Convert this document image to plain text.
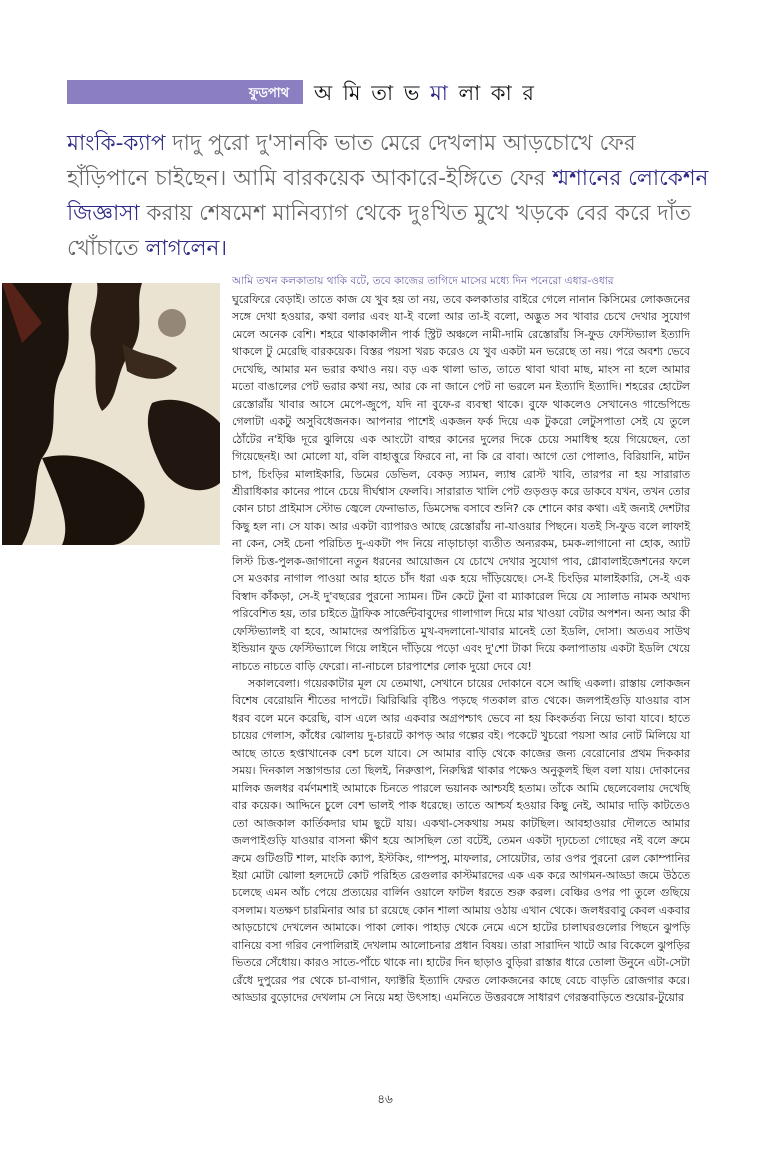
ফুডপাথ অ মি তা ভ মা লা কা র
মাংকি-ক্যাপ দাদু পুরো দু'সানকি ভাত মেরে দেখলাম আড়চোখে ফের হাঁড়িপানে চাইছেন। আমি বারকয়েক আকারে-ইঙ্গিতে ফের শ্মশানের লোকেশন জিজ্ঞাসা করায় শেষমেশ মানিব্যাগ থেকে দুঃখিত মুখে খড়কে বের করে দাঁত খোঁচাতে লাগলেন।
আমি তখন কলকাতায় থাকি বটে, তবে কাজের তাগিদে মাসের মধ্যে দিন পনেরো এধার-ওধার

ঘুরেফিরে বেড়াই। তাতে কাজ যে খুব হয় তা নয়, তবে কলকাতার বাইরে গেলে নানান কিসিমের লোকজনের সঙ্গে দেখা হওয়ার, কথা বলার এবং যা-ই বলো আর তা-ই বলো, অদ্ভুত সব খাবার চেখে দেখার সুযোগ মেলে অনেক বেশি। শহরে থাকাকালীন পার্ক স্ট্রিট অঞ্চলে নামী-দামি রেস্তোরাঁয় সি-ফুড ফেস্টিভ্যাল ইত্যাদি থাকলে টু মেরেছি বারকয়েক। বিস্তর পয়সা খরচ করেও যে খুব একটা মন ভরেছে তা নয়। পরে অবশ্য ভেবে দেখেছি, আমার মন ভরার কথাও নয়। বড় এক থালা ভাত, তাতে থাবা থাবা মাছ, মাংস না হলে আমার মতো বাঙালের পেট ভরার কথা নয়, আর কে না জানে পেট না ভরলে মন ইত্যাদি ইত্যাদি। শহরের হোটেল রেস্তোরাঁয় খাবার আসে মেপে-জুপে, যদি না বুফে-র ব্যবস্থা থাকে। বুফে থাকলেও সেখানেও গান্ডেপিন্ডে গেলাটা একটু অসুবিধেজনক। আপনার পাশেই একজন ফর্ক দিয়ে এক টুকরো লেটুসপাতা সেই যে তুলে ঠোঁটের ন'ইঞ্চি দূরে ঝুলিয়ে এক আংটো বাহুর কানের দুলের দিকে চেয়ে সমাধিস্থ হয়ে গিয়েছেন, তো গিয়েছেনই। আ মোলো যা, বলি বাহাত্তুরে ফিরবে না, না কি রে বাবা। আগে তো পোলাও, বিরিয়ানি, মাটন চাপ, চিংড়ির মালাইকারি, ডিমের ডেভিল, বেকড় স্যামন, ল্যাম্ব রোস্ট খাবি, তারপর না হয় সারারাত শ্রীরাধিকার কানের পানে চেয়ে দীর্ঘশ্বাস ফেলবি। সারারাত খালি পেট গুড়গুড় করে ডাকবে যখন, তখন তোর কোন চাচা প্রাইমাস স্টোভ জ্বেলে ফেনাভাত, ডিমসেদ্ধ বসাবে শুনি? কে শোনে কার কথা। এই জন্যই দেশটার কিছু হল না। সে যাক। আর একটা ব্যাপারও আছে রেস্তোরাঁয় না-যাওয়ার পিছনে। যতই সি-ফুড বলে লাফাই না কেন, সেই চেনা পরিচিত দু-একটা পদ নিয়ে নাড়াচাড়া ব্যতীত অন্যরকম, চমক-লাগানো না হোক, অ্যাট লিস্ট চিত্ত-পুলক-জাগানো নতুন ধরনের আয়োজন যে চোখে দেখার সুযোগ পাব, গ্লোবালাইজেশনের ফলে সে মওকার নাগাল পাওয়া আর হাতে চাঁদ ধরা এক হয়ে দাঁড়িয়েছে। সে-ই চিংড়ির মালাইকারি, সে-ই এক বিস্বাদ কাঁকড়া, সে-ই দু'বছরের পুরনো স্যামন। টিন কেটে টুনা বা ম্যাকারেল দিয়ে যে স্যালাড নামক অখাদ্য পরিবেশিত হয়, তার চাইতে ট্রাফিক সার্জেন্টবাবুদের গালাগাল দিয়ে মার খাওয়া বেটার অপশন। অন্য আর কী ফেস্টিভ্যালই বা হবে, আমাদের অপরিচিত মুখ-বদলানো-খাবার মানেই তো ইডলি, দোসা। অতএব সাউথ ইন্ডিয়ান ফুড ফেস্টিভ্যালে গিয়ে লাইনে দাঁড়িয়ে পড়ো এবং দু'শো টাকা দিয়ে কলাপাতায় একটা ইডলি খেয়ে নাচতে নাচতে বাড়ি ফেরো। না-নাচলে চারপাশের লোক দুয়ো দেবে যে!

সকালবেলা। গয়েরকাটার মূল যে তেমাথা, সেখানে চায়ের দোকানে বসে আছি একলা। রাস্তায় লোকজন বিশেষ বেরোয়নি শীতের দাপটে। ঝিরিঝিরি বৃষ্টিও পড়ছে গতকাল রাত থেকে। জলপাইগুড়ি যাওয়ার বাস ধরব বলে মনে করেছি, বাস এলে আর একবার অগ্রপশ্চাৎ ভেবে না হয় কিংকর্তব্য নিয়ে ভাবা যাবে। হাতে চায়ের গেলাস, কাঁধের ঝোলায় দু-চারটে কাপড় আর গল্পের বই। পকেটে খুচরো পয়সা আর নোট মিলিয়ে যা আছে তাতে হপ্তাখানেক বেশ চলে যাবে। সে আমার বাড়ি থেকে কাজের জন্য বেরোনোর প্রথম দিককার সময়। দিনকাল সস্তাগন্ডার তো ছিলই, নিরুত্তাপ, নিরুদ্বিগ্ন থাকার পক্ষেও অনুকূলই ছিল বলা যায়। দোকানের মালিক জলধর বর্মণমশাই আমাকে চিনতে পারলে ভয়ানক আশ্চর্যই হতাম। তাঁকে আমি ছেলেবেলায় দেখেছি বার কয়েক। আদ্দিনে চুলে বেশ ভালই পাক ধরেছে। তাতে আশ্চর্য হওয়ার কিছু নেই, আমার দাড়ি কাটতেও তো আজকাল কার্তিকদার ঘাম ছুটে যায়। একথা-সেকথায় সময় কাটছিল। আবহাওয়ার দৌলতে আমার জলপাইগুড়ি যাওয়ার বাসনা ক্ষীণ হয়ে আসছিল তো বটেই, তেমন একটা দৃঢ়চেতা গোছের নই বলে ক্রমে ক্রমে গুটিগুটি শাল, মাংকি ক্যাপ, ইস্টকিং, গাম্পসু, মাফলার, সোয়েটার, তার ওপর পুরনো রেল কোম্পানির ইয়া মোটা ঝোলা হলদেটে কোট পরিহিত রেগুলার কাস্টমারদের এক এক করে আগমন-আড্ডা জমে উঠতে চলেছে এমন আঁচ পেয়ে প্রত্যয়ের বার্লিন ওয়ালে ফাটল ধরতে শুরু করল। বেঞ্চির ওপর পা তুলে গুছিয়ে বসলাম। যতক্ষণ চারমিনার আর চা রয়েছে কোন শালা আমায় ওঠায় এখান থেকে। জলধরবাবু কেবল একবার আড়চোখে দেখলেন আমাকে। পাকা লোক। পাহাড় থেকে নেমে এসে হাটের চালাঘরগুলোর পিছনে ঝুপড়ি বানিয়ে বসা গরিব নেপালিরাই দেখলাম আলোচনার প্রধান বিষয়। তারা সারাদিন খাটে আর বিকেলে ঝুপড়ির ভিতরে সেঁধোয়। কারও সাতে-পাঁচে থাকে না। হাটের দিন ছাড়াও বুড়িরা রাস্তার ধারে তোলা উনুনে এটা-সেটা রেঁধে দুপুরের পর থেকে চা-বাগান, ফ্যাক্টরি ইত্যাদি ফেরত লোকজনের কাছে বেচে বাড়তি রোজগার করে। আড্ডার বুড়োদের দেখলাম সে নিয়ে মহা উৎসাহ। এমনিতে উত্তরবঙ্গে সাধারণ গেরস্তবাড়িতে শুয়োর-টুয়োর

৪৬
